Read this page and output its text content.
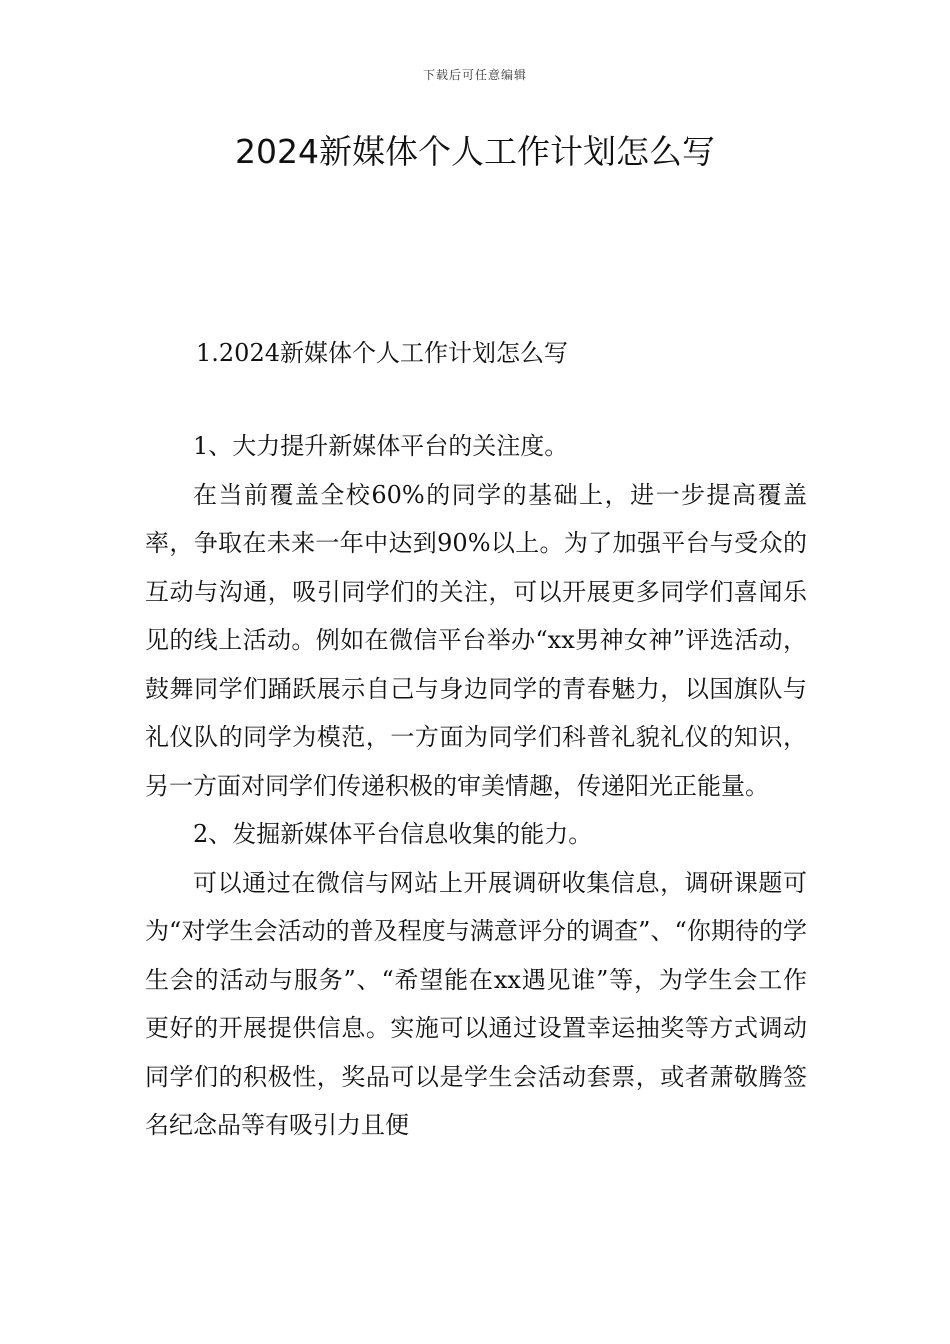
下载后可任意编辑
2024新媒体个人工作计划怎么写
1.2024新媒体个人工作计划怎么写

1、大力提升新媒体平台的关注度。

在当前覆盖全校60%的同学的基础上，进一步提高覆盖率，争取在未来一年中达到90%以上。为了加强平台与受众的互动与沟通，吸引同学们的关注，可以开展更多同学们喜闻乐见的线上活动。例如在微信平台举办“xx男神女神”评选活动，鼓舞同学们踊跃展示自己与身边同学的青春魅力，以国旗队与礼仪队的同学为模范，一方面为同学们科普礼貌礼仪的知识，另一方面对同学们传递积极的审美情趣，传递阳光正能量。

2、发掘新媒体平台信息收集的能力。

可以通过在微信与网站上开展调研收集信息，调研课题可为“对学生会活动的普及程度与满意评分的调查”、“你期待的学生会的活动与服务”、“希望能在xx遇见谁”等，为学生会工作更好的开展提供信息。实施可以通过设置幸运抽奖等方式调动同学们的积极性，奖品可以是学生会活动套票，或者萧敬腾签名纪念品等有吸引力且便
